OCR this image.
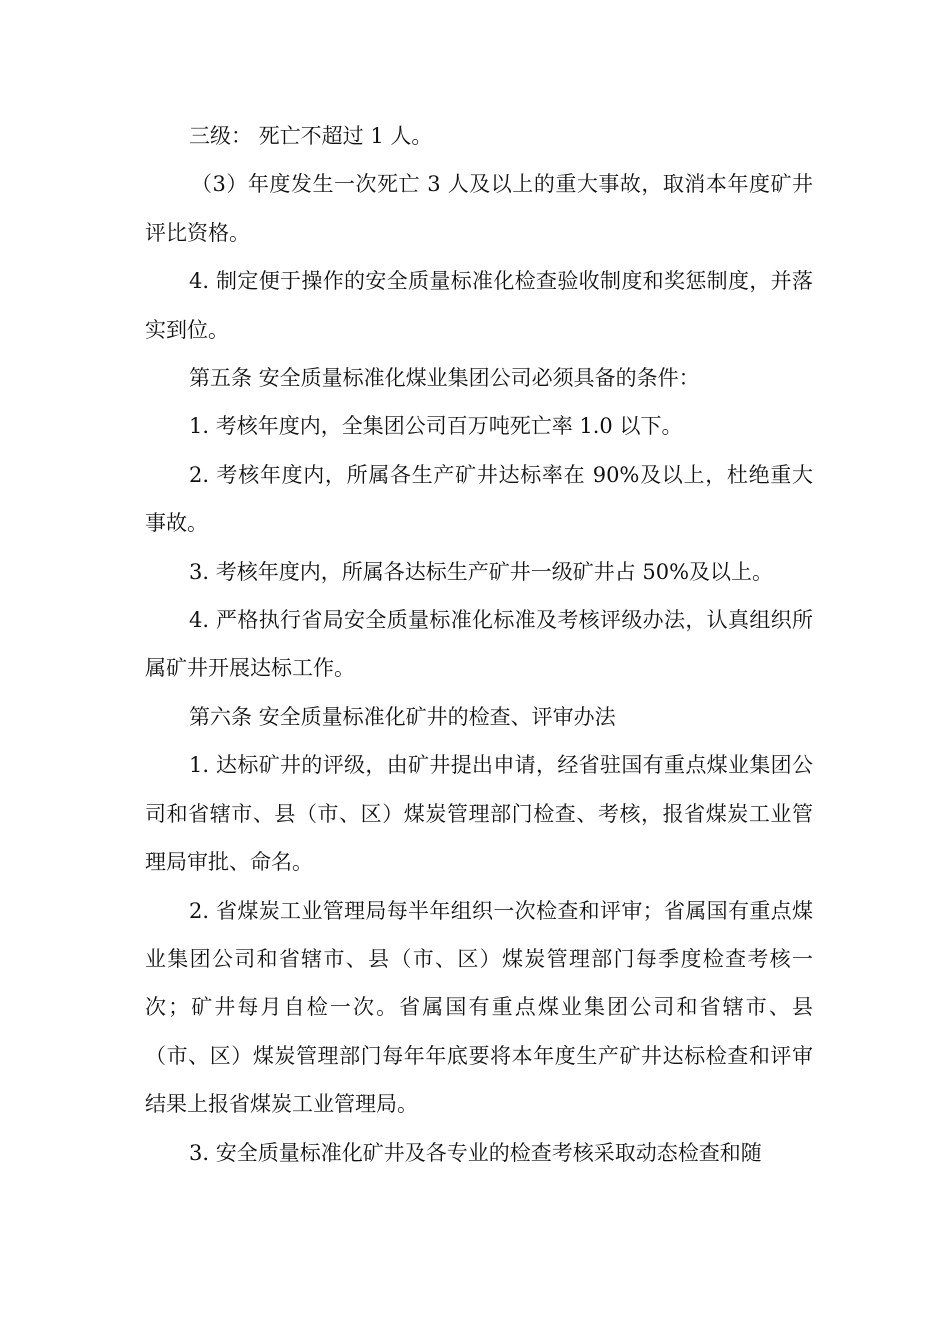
三级： 死亡不超过 1 人。

（3）年度发生一次死亡 3 人及以上的重大事故，取消本年度矿井评比资格。

4. 制定便于操作的安全质量标准化检查验收制度和奖惩制度，并落实到位。

第五条 安全质量标准化煤业集团公司必须具备的条件：

1. 考核年度内，全集团公司百万吨死亡率 1.0 以下。

2. 考核年度内，所属各生产矿井达标率在 90%及以上，杜绝重大事故。

3. 考核年度内，所属各达标生产矿井一级矿井占 50%及以上。

4. 严格执行省局安全质量标准化标准及考核评级办法，认真组织所属矿井开展达标工作。

第六条 安全质量标准化矿井的检查、评审办法

1. 达标矿井的评级，由矿井提出申请，经省驻国有重点煤业集团公司和省辖市、县（市、区）煤炭管理部门检查、考核，报省煤炭工业管理局审批、命名。

2. 省煤炭工业管理局每半年组织一次检查和评审；省属国有重点煤业集团公司和省辖市、县（市、区）煤炭管理部门每季度检查考核一次；矿井每月自检一次。省属国有重点煤业集团公司和省辖市、县（市、区）煤炭管理部门每年年底要将本年度生产矿井达标检查和评审结果上报省煤炭工业管理局。

3. 安全质量标准化矿井及各专业的检查考核采取动态检查和随
